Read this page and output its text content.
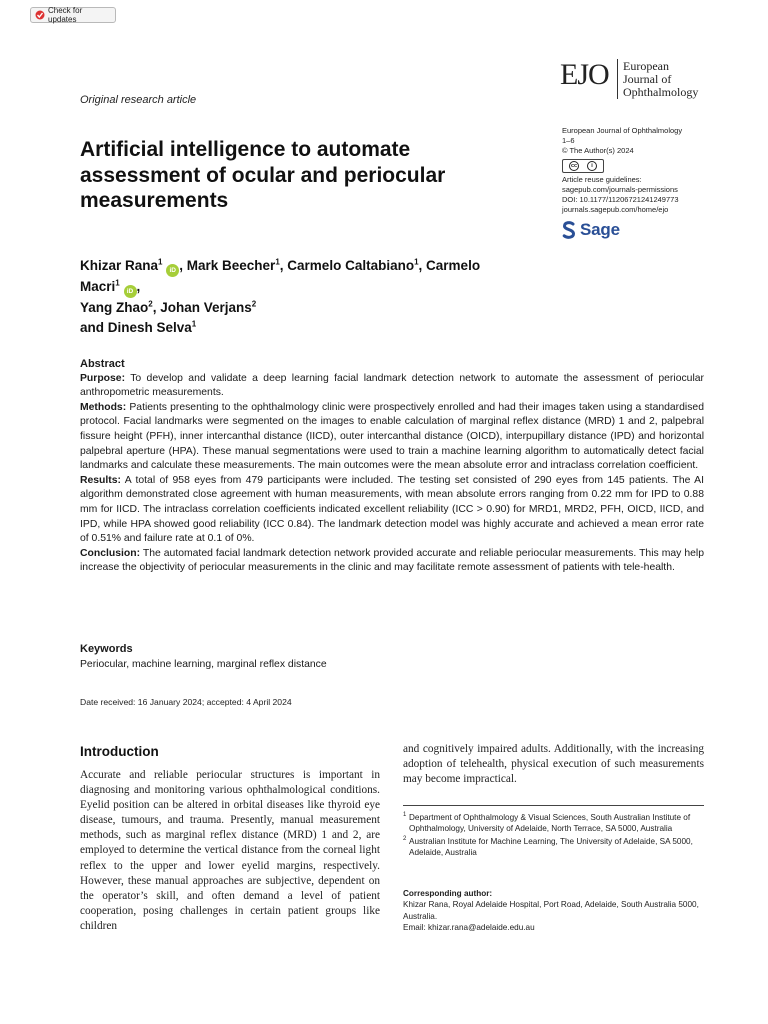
Check for updates
EJO European
Journal of
Ophthalmology
Original research article
European Journal of Ophthalmology
1–6
© The Author(s) 2024
cc	i
Article reuse guidelines:
sagepub.com/journals-permissions
DOI: 10.1177/11206721241249773
journals.sagepub.com/home/ejo
Sage
Artificial intelligence to automate assessment of ocular and periocular measurements
Khizar Rana$^1$ iD , Mark Beecher$^1$, Carmelo Caltabiano$^1$, Carmelo Macri$^1$ iD ,
Yang Zhao$^2$, Johan Verjans$^2$
and Dinesh Selva$^1$
Abstract
Purpose: To develop and validate a deep learning facial landmark detection network to automate the assessment of periocular anthropometric measurements.
Methods: Patients presenting to the ophthalmology clinic were prospectively enrolled and had their images taken using a standardised protocol. Facial landmarks were segmented on the images to enable calculation of marginal reflex distance (MRD) 1 and 2, palpebral fissure height (PFH), inner intercanthal distance (IICD), outer intercanthal distance (OICD), interpupillary distance (IPD) and horizontal palpebral aperture (HPA). These manual segmentations were used to train a machine learning algorithm to automatically detect facial landmarks and calculate these measurements. The main outcomes were the mean absolute error and intraclass correlation coefficient.
Results: A total of 958 eyes from 479 participants were included. The testing set consisted of 290 eyes from 145 patients. The AI algorithm demonstrated close agreement with human measurements, with mean absolute errors ranging from 0.22 mm for IPD to 0.88 mm for IICD. The intraclass correlation coefficients indicated excellent reliability (ICC > 0.90) for MRD1, MRD2, PFH, OICD, IICD, and IPD, while HPA showed good reliability (ICC 0.84). The landmark detection model was highly accurate and achieved a mean error rate of 0.51% and failure rate at 0.1 of 0%.
Conclusion: The automated facial landmark detection network provided accurate and reliable periocular measurements. This may help increase the objectivity of periocular measurements in the clinic and may facilitate remote assessment of patients with tele-health.
Keywords
Periocular, machine learning, marginal reflex distance
Date received: 16 January 2024; accepted: 4 April 2024
Introduction

Accurate and reliable periocular structures is important in diagnosing and monitoring various ophthalmological conditions. Eyelid position can be altered in orbital diseases like thyroid eye disease, tumours, and trauma. Presently, manual measurement methods, such as marginal reflex distance (MRD) 1 and 2, are employed to determine the vertical distance from the corneal light reflex to the upper and lower eyelid margins, respectively. However, these manual approaches are subjective, dependent on the operator’s skill, and often demand a level of patient cooperation, posing challenges in certain patient groups like children

and cognitively impaired adults. Additionally, with the increasing adoption of telehealth, physical execution of such measurements may become impractical.

1 Department of Ophthalmology & Visual Sciences, South Australian Institute of Ophthalmology, University of Adelaide, North Terrace, SA 5000, Australia
2 Australian Institute for Machine Learning, The University of Adelaide, SA 5000, Adelaide, Australia
Corresponding author:
Khizar Rana, Royal Adelaide Hospital, Port Road, Adelaide, South Australia 5000, Australia.
Email: khizar.rana@adelaide.edu.au
